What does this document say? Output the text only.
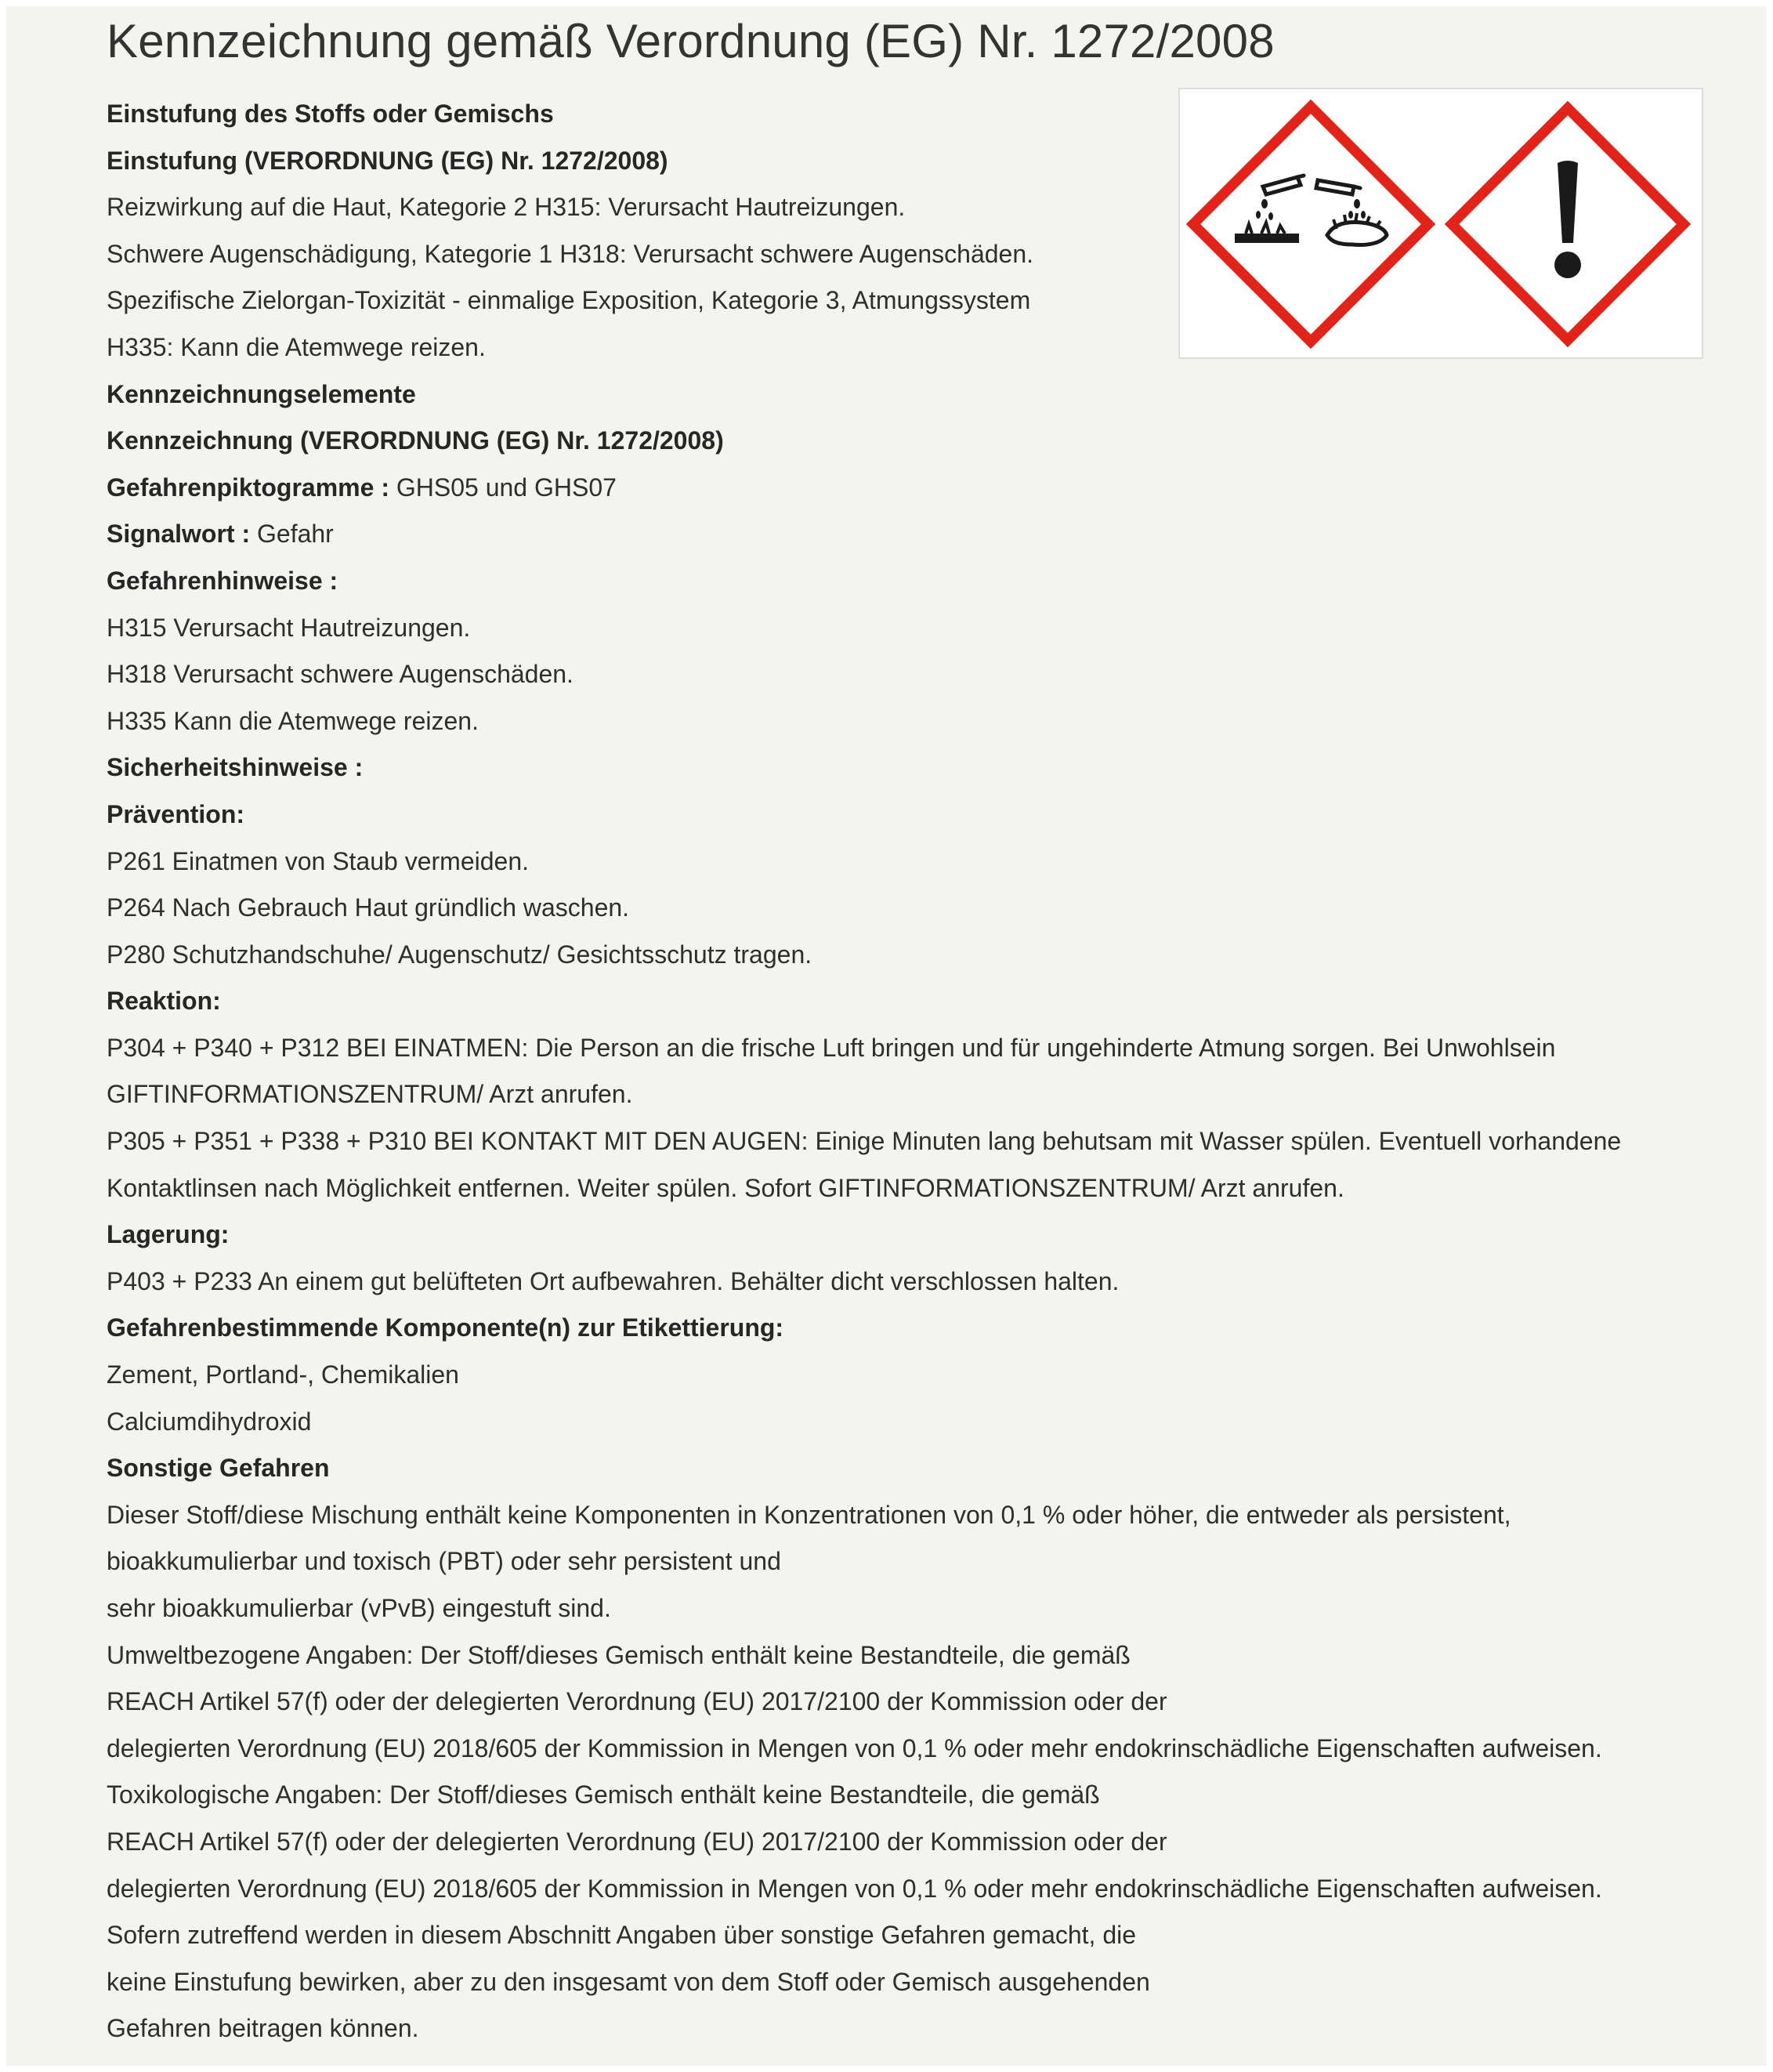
Kennzeichnung gemäß Verordnung (EG) Nr. 1272/2008
Einstufung des Stoffs oder Gemischs
Einstufung (VERORDNUNG (EG) Nr. 1272/2008)
Reizwirkung auf die Haut, Kategorie 2 H315: Verursacht Hautreizungen.
Schwere Augenschädigung, Kategorie 1 H318: Verursacht schwere Augenschäden.
Spezifische Zielorgan-Toxizität - einmalige Exposition, Kategorie 3, Atmungssystem
H335: Kann die Atemwege reizen.
Kennzeichnungselemente
Kennzeichnung (VERORDNUNG (EG) Nr. 1272/2008)
Gefahrenpiktogramme : GHS05 und GHS07
Signalwort : Gefahr
Gefahrenhinweise :
H315 Verursacht Hautreizungen.
H318 Verursacht schwere Augenschäden.
H335 Kann die Atemwege reizen.
Sicherheitshinweise :
Prävention:
P261 Einatmen von Staub vermeiden.
P264 Nach Gebrauch Haut gründlich waschen.
P280 Schutzhandschuhe/ Augenschutz/ Gesichtsschutz tragen.
Reaktion:
P304 + P340 + P312 BEI EINATMEN: Die Person an die frische Luft bringen und für ungehinderte Atmung sorgen. Bei Unwohlsein
GIFTINFORMATIONSZENTRUM/ Arzt anrufen.
P305 + P351 + P338 + P310 BEI KONTAKT MIT DEN AUGEN: Einige Minuten lang behutsam mit Wasser spülen. Eventuell vorhandene
Kontaktlinsen nach Möglichkeit entfernen. Weiter spülen. Sofort GIFTINFORMATIONSZENTRUM/ Arzt anrufen.
Lagerung:
P403 + P233 An einem gut belüfteten Ort aufbewahren. Behälter dicht verschlossen halten.
Gefahrenbestimmende Komponente(n) zur Etikettierung:
Zement, Portland-, Chemikalien
Calciumdihydroxid
Sonstige Gefahren
Dieser Stoff/diese Mischung enthält keine Komponenten in Konzentrationen von 0,1 % oder höher, die entweder als persistent,
bioakkumulierbar und toxisch (PBT) oder sehr persistent und
sehr bioakkumulierbar (vPvB) eingestuft sind.
Umweltbezogene Angaben: Der Stoff/dieses Gemisch enthält keine Bestandteile, die gemäß
REACH Artikel 57(f) oder der delegierten Verordnung (EU) 2017/2100 der Kommission oder der
delegierten Verordnung (EU) 2018/605 der Kommission in Mengen von 0,1 % oder mehr endokrinschädliche Eigenschaften aufweisen.
Toxikologische Angaben: Der Stoff/dieses Gemisch enthält keine Bestandteile, die gemäß
REACH Artikel 57(f) oder der delegierten Verordnung (EU) 2017/2100 der Kommission oder der
delegierten Verordnung (EU) 2018/605 der Kommission in Mengen von 0,1 % oder mehr endokrinschädliche Eigenschaften aufweisen.
Sofern zutreffend werden in diesem Abschnitt Angaben über sonstige Gefahren gemacht, die
keine Einstufung bewirken, aber zu den insgesamt von dem Stoff oder Gemisch ausgehenden
Gefahren beitragen können.
